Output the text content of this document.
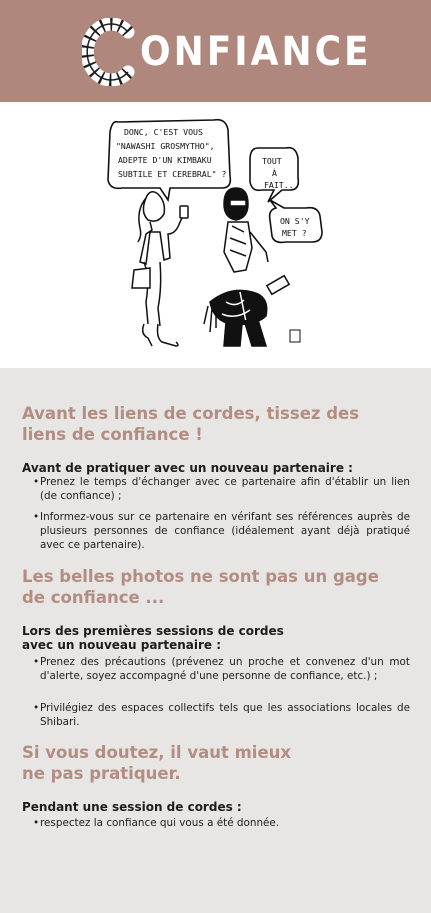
ONFIANCE
DONC, C'EST VOUS
"NAWASHI GROSMYTHO",
ADEPTE D'UN KIMBAKU
SUBTILE ET CEREBRAL" ?
TOUT
À
FAIT...
ON S'Y
MET ?
Avant les liens de cordes, tissez des liens de confiance !
Avant de pratiquer avec un nouveau partenaire :

• Prenez le temps d'échanger avec ce partenaire afin d'établir un lien (de confiance) ;

• Informez-vous sur ce partenaire en vérifant ses références auprès de plusieurs personnes de confiance (idéalement ayant déjà pratiqué avec ce partenaire).

Les belles photos ne sont pas un gage de confiance ...
Lors des premières sessions de cordes
avec un nouveau partenaire :

• Prenez des précautions (prévenez un proche et convenez d'un mot d'alerte, soyez accompagné d'une personne de confiance, etc.) ;

• Privilégiez des espaces collectifs tels que les associations locales de Shibari.

Si vous doutez, il vaut mieux
ne pas pratiquer.
Pendant une session de cordes :

• respectez la confiance qui vous a été donnée.
